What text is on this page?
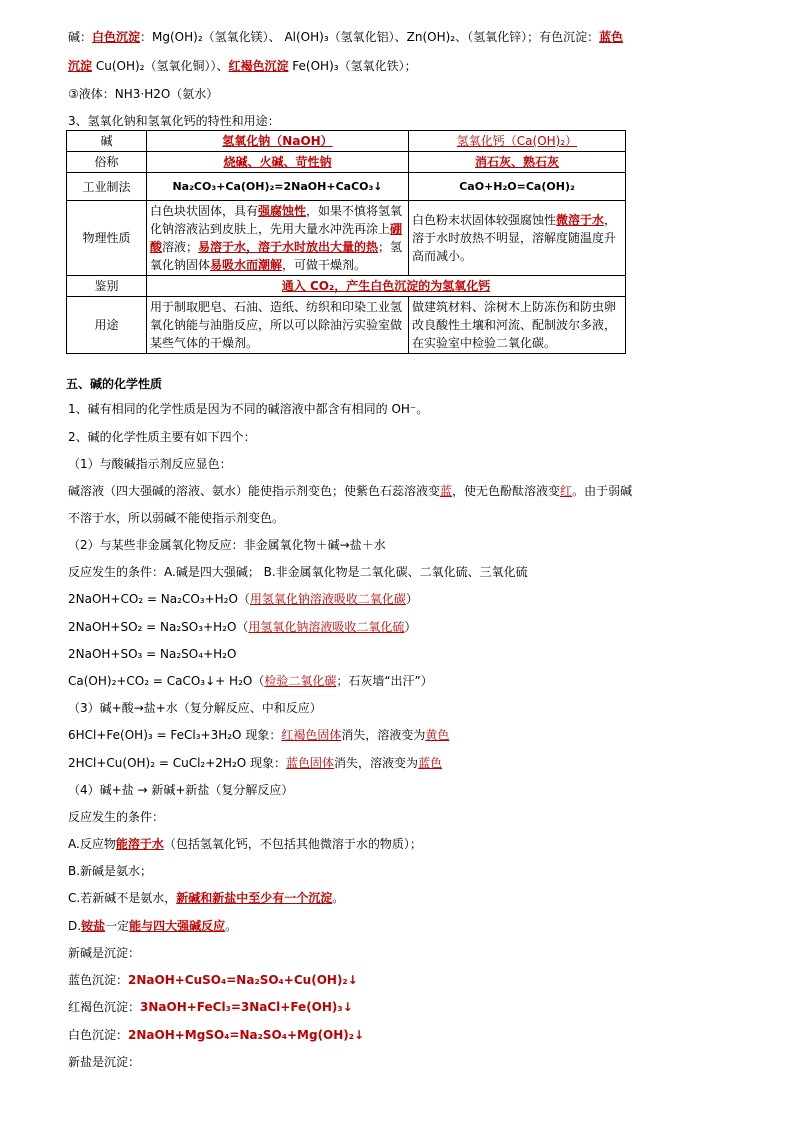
碱：白色沉淀：Mg(OH)₂（氢氧化镁）、 Al(OH)₃（氢氧化铝）、Zn(OH)₂、（氢氧化锌）；有色沉淀：蓝色
沉淀 Cu(OH)₂（氢氧化铜））、红褐色沉淀 Fe(OH)₃（氢氧化铁）；
③液体：NH3·H2O（氨水）
3、氢氧化钠和氢氧化钙的特性和用途：
碱	氢氧化钠（NaOH）	氢氧化钙（Ca(OH)₂）
俗称	烧碱、火碱、苛性钠	消石灰、熟石灰
工业制法	Na₂CO₃+Ca(OH)₂=2NaOH+CaCO₃↓	CaO+H₂O=Ca(OH)₂
物理性质	白色块状固体，具有强腐蚀性，如果不慎将氢氧化钠溶液沾到皮肤上，先用大量水冲洗再涂上硼酸溶液；易溶于水，溶于水时放出大量的热；氢氧化钠固体易吸水而潮解，可做干燥剂。	白色粉末状固体较强腐蚀性微溶于水，溶于水时放热不明显，溶解度随温度升高而减小。
鉴别	通入 CO₂，产生白色沉淀的为氢氧化钙	
用途	用于制取肥皂、石油、造纸、纺织和印染工业氢氧化钠能与油脂反应，所以可以除油污实验室做某些气体的干燥剂。	做建筑材料、涂树木上防冻伤和防虫卵改良酸性土壤和河流、配制波尔多液，在实验室中检验二氧化碳。
五、碱的化学性质
1、碱有相同的化学性质是因为不同的碱溶液中都含有相同的 OH⁻。
2、碱的化学性质主要有如下四个：
（1）与酸碱指示剂反应显色：
碱溶液（四大强碱的溶液、氨水）能使指示剂变色；使紫色石蕊溶液变蓝，使无色酚酞溶液变红。由于弱碱
不溶于水，所以弱碱不能使指示剂变色。
（2）与某些非金属氧化物反应：非金属氧化物＋碱→盐＋水
反应发生的条件：A.碱是四大强碱； B.非金属氧化物是二氧化碳、二氧化硫、三氧化硫
2NaOH+CO₂ = Na₂CO₃+H₂O（用氢氧化钠溶液吸收二氧化碳）
2NaOH+SO₂ = Na₂SO₃+H₂O（用氢氧化钠溶液吸收二氧化硫）
2NaOH+SO₃ = Na₂SO₄+H₂O
Ca(OH)₂+CO₂ = CaCO₃↓+ H₂O（检验二氧化碳；石灰墙“出汗”）
（3）碱+酸→盐+水（复分解反应、中和反应）
6HCl+Fe(OH)₃ = FeCl₃+3H₂O 现象：红褐色固体消失，溶液变为黄色
2HCl+Cu(OH)₂ = CuCl₂+2H₂O 现象：蓝色固体消失，溶液变为蓝色
（4）碱+盐 → 新碱+新盐（复分解反应）
反应发生的条件：
A.反应物能溶于水（包括氢氧化钙，不包括其他微溶于水的物质）；
B.新碱是氨水；
C.若新碱不是氨水，新碱和新盐中至少有一个沉淀。
D.铵盐一定能与四大强碱反应。
新碱是沉淀：
蓝色沉淀：2NaOH+CuSO₄=Na₂SO₄+Cu(OH)₂↓
红褐色沉淀：3NaOH+FeCl₃=3NaCl+Fe(OH)₃↓
白色沉淀：2NaOH+MgSO₄=Na₂SO₄+Mg(OH)₂↓
新盐是沉淀：
